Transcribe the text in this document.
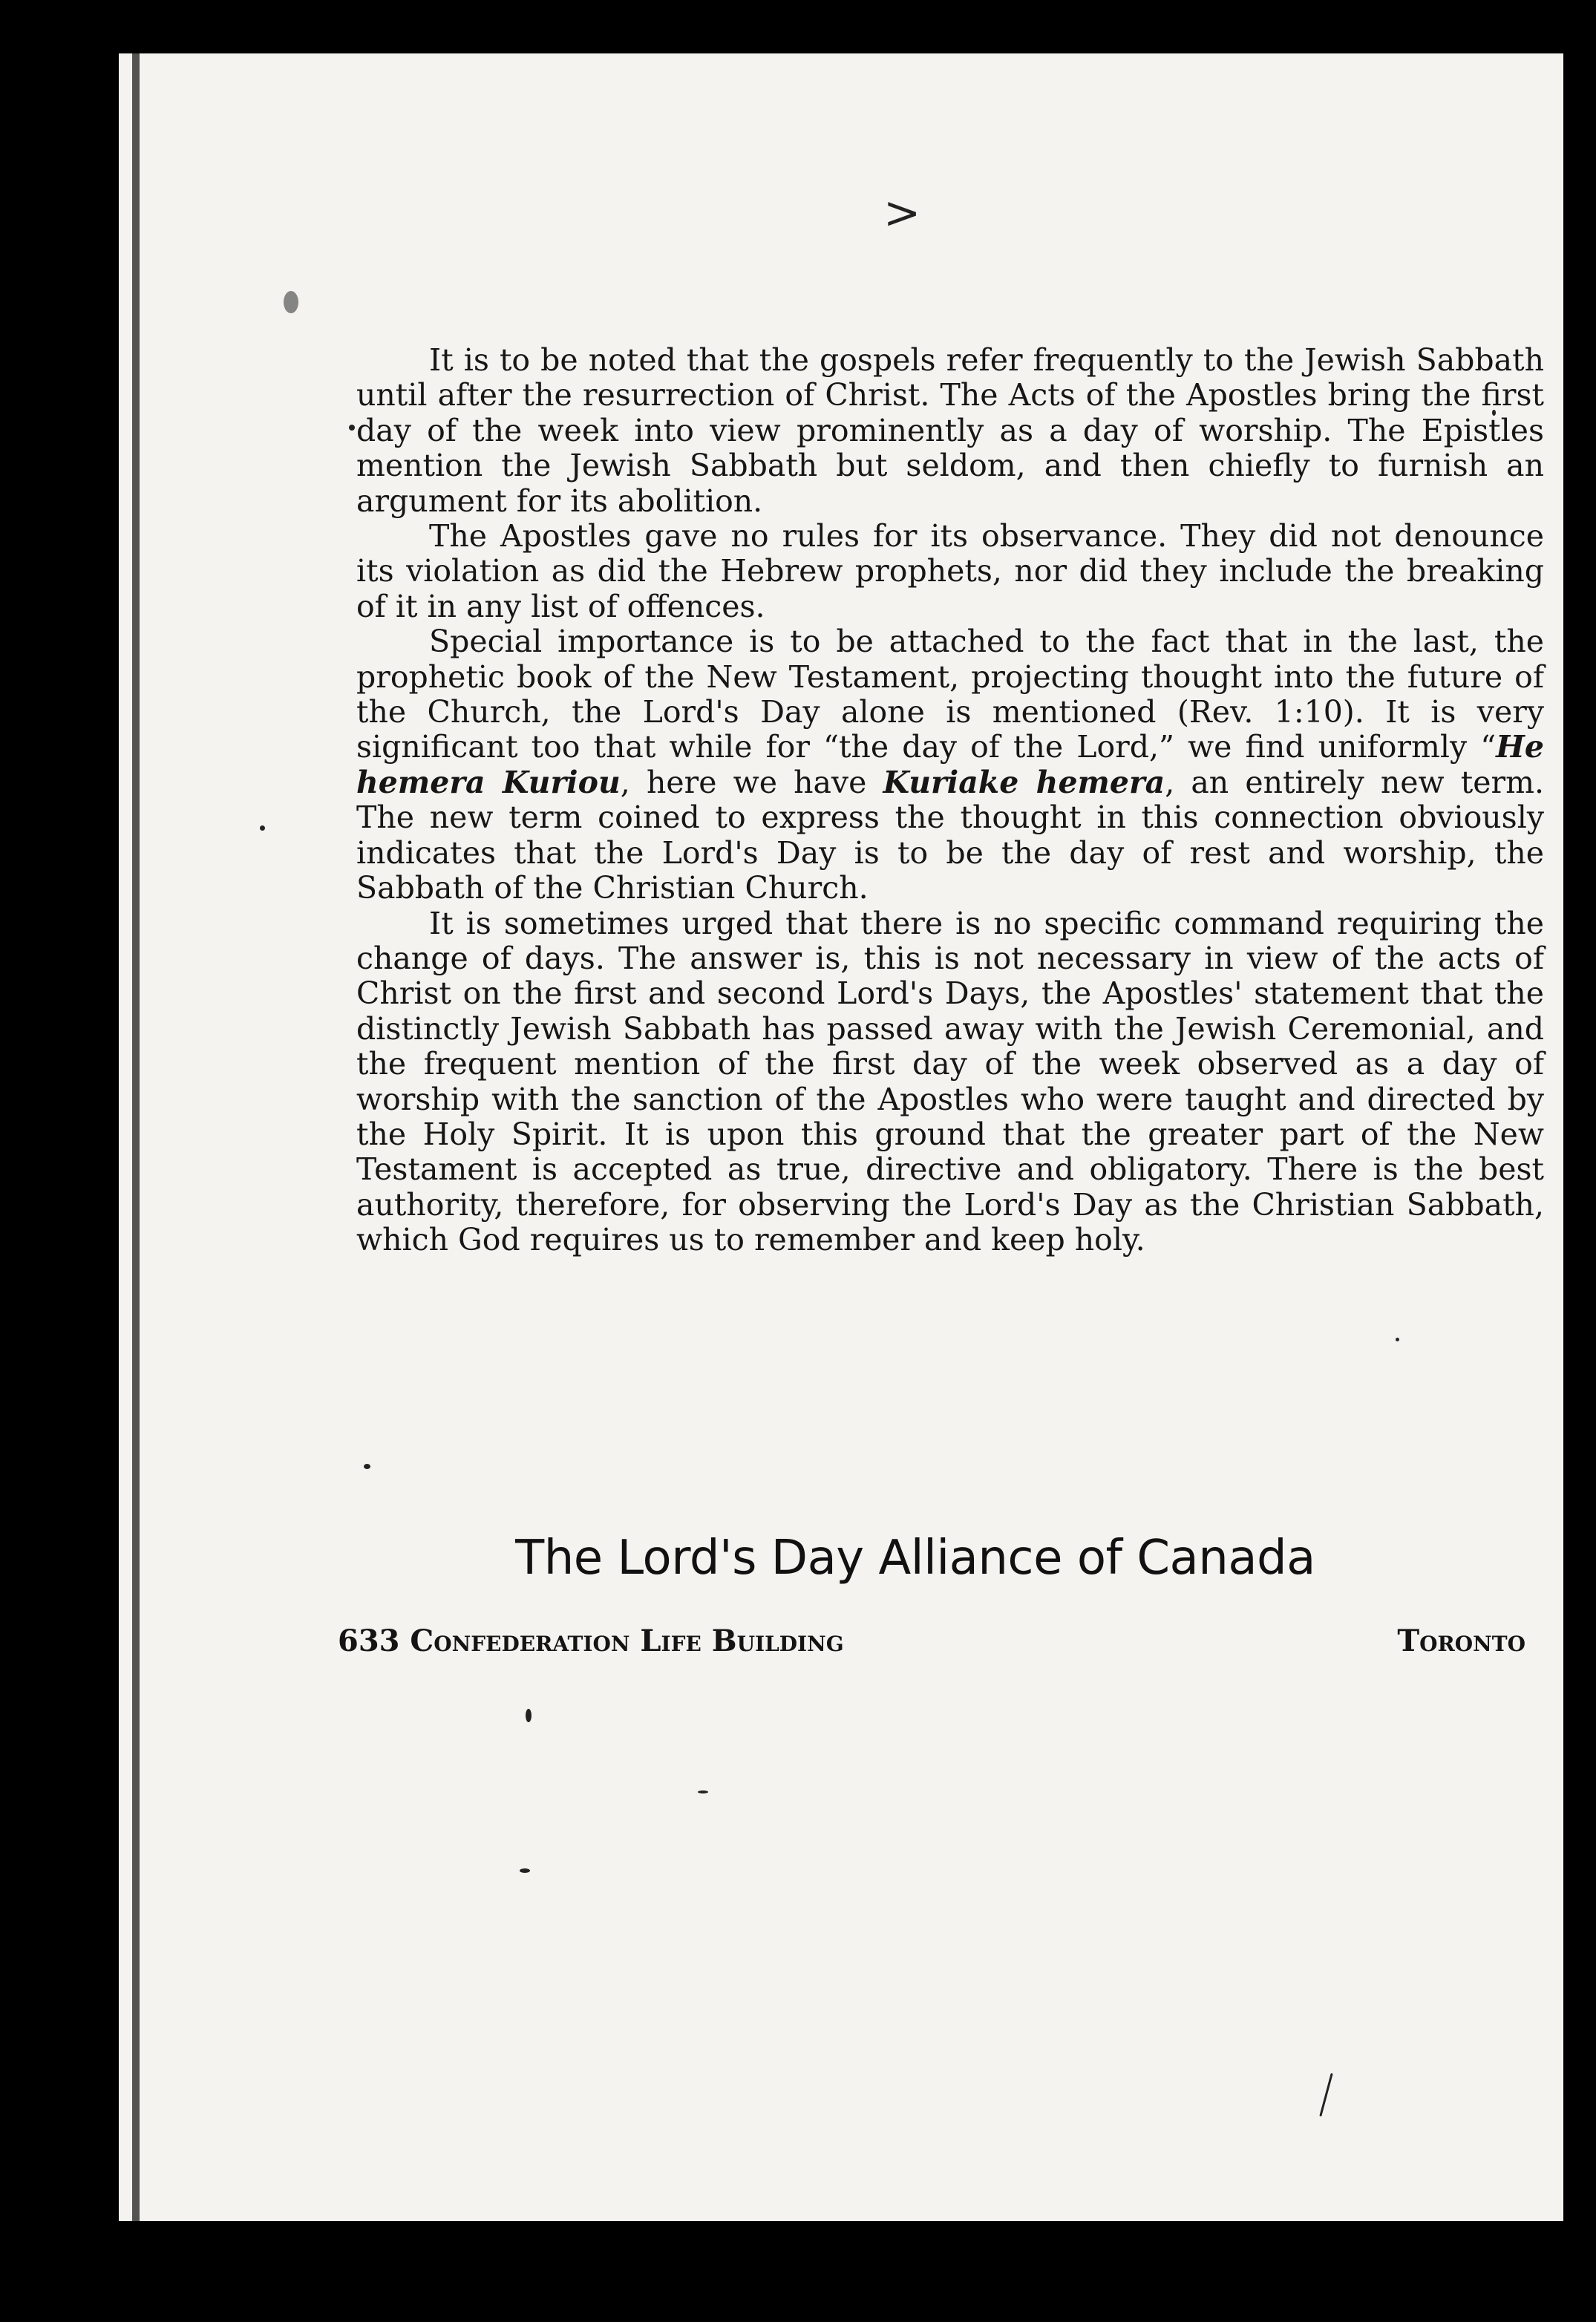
>

It is to be noted that the gospels refer frequently to the Jewish Sabbath until after the resurrection of Christ. The Acts of the Apostles bring the first day of the week into view prominently as a day of worship. The Epistles mention the Jewish Sabbath but seldom, and then chiefly to furnish an argument for its abolition.

The Apostles gave no rules for its observance. They did not denounce its violation as did the Hebrew prophets, nor did they include the breaking of it in any list of offences.

Special importance is to be attached to the fact that in the last, the prophetic book of the New Testament, projecting thought into the future of the Church, the Lord's Day alone is mentioned (Rev. 1:10). It is very significant too that while for “the day of the Lord,” we find uniformly “He hemera Kuriou, here we have Kuriake hemera, an entirely new term. The new term coined to express the thought in this connection obviously indicates that the Lord's Day is to be the day of rest and worship, the Sabbath of the Christian Church.

It is sometimes urged that there is no specific command requiring the change of days. The answer is, this is not necessary in view of the acts of Christ on the first and second Lord's Days, the Apostles' statement that the distinctly Jewish Sabbath has passed away with the Jewish Ceremonial, and the frequent mention of the first day of the week observed as a day of worship with the sanction of the Apostles who were taught and directed by the Holy Spirit. It is upon this ground that the greater part of the New Testament is accepted as true, directive and obligatory. There is the best authority, therefore, for observing the Lord's Day as the Christian Sabbath, which God requires us to remember and keep holy.

The Lord's Day Alliance of Canada
633 Confederation Life Building	Toronto
